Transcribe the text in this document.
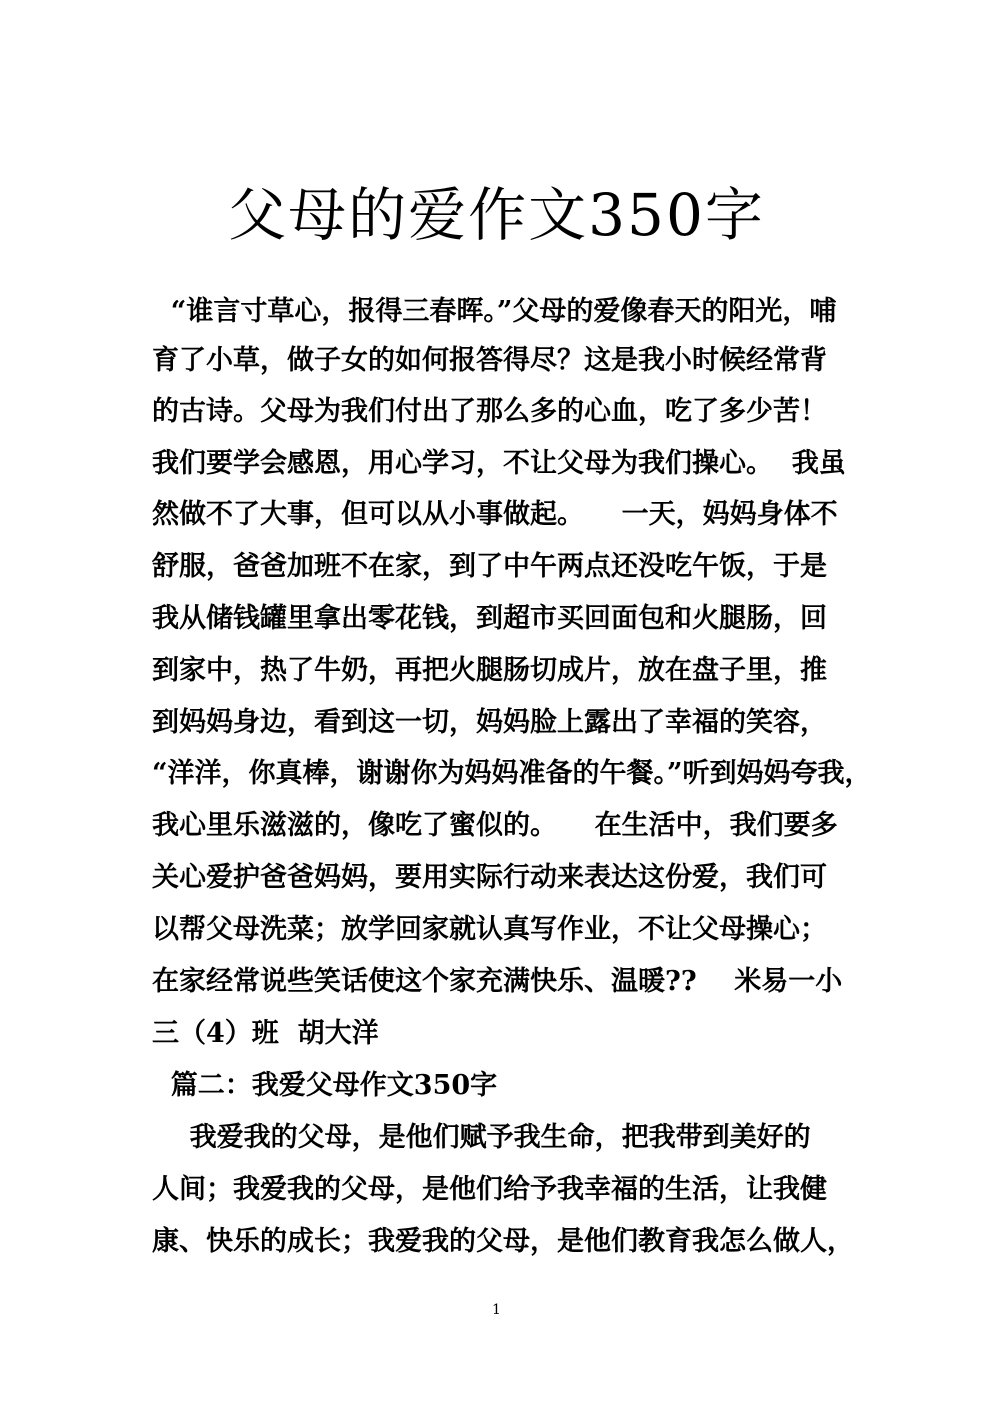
父母的爱作文350字

“谁言寸草心，报得三春晖。”父母的爱像春天的阳光，哺

育了小草，做子女的如何报答得尽？这是我小时候经常背

的古诗。父母为我们付出了那么多的心血，吃了多少苦！

我们要学会感恩，用心学习，不让父母为我们操心。  我虽

然做不了大事，但可以从小事做起。    一天，妈妈身体不

舒服，爸爸加班不在家，到了中午两点还没吃午饭，于是

我从储钱罐里拿出零花钱，到超市买回面包和火腿肠，回

到家中，热了牛奶，再把火腿肠切成片，放在盘子里，推

到妈妈身边，看到这一切，妈妈脸上露出了幸福的笑容，

“洋洋，你真棒，谢谢你为妈妈准备的午餐。”听到妈妈夸我，

我心里乐滋滋的，像吃了蜜似的。    在生活中，我们要多

关心爱护爸爸妈妈，要用实际行动来表达这份爱，我们可

以帮父母洗菜；放学回家就认真写作业，不让父母操心；

在家经常说些笑话使这个家充满快乐、温暖??    米易一小

三（4）班  胡大洋

篇二：我爱父母作文350字

我爱我的父母，是他们赋予我生命，把我带到美好的

人间；我爱我的父母，是他们给予我幸福的生活，让我健

康、快乐的成长；我爱我的父母，是他们教育我怎么做人，

1
